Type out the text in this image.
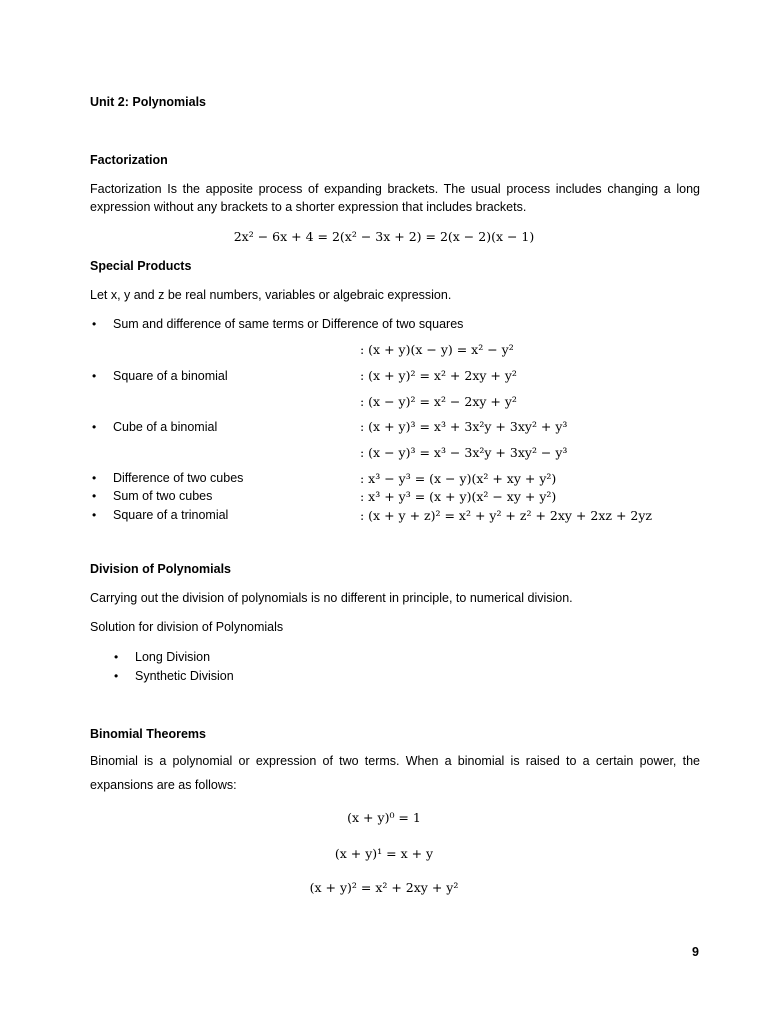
Unit 2: Polynomials
Factorization
Factorization Is the apposite process of expanding brackets. The usual process includes changing a long expression without any brackets to a shorter expression that includes brackets.
2x² − 6x + 4 = 2(x² − 3x + 2) = 2(x − 2)(x − 1)
Special Products
Let x, y and z be real numbers, variables or algebraic expression.
•
Sum and difference of same terms or Difference of two squares
•
Square of a binomial
•
Cube of a binomial
•
Difference of two cubes
•
Sum of two cubes
•
Square of a trinomial
: (x + y)(x − y) = x² − y²
: (x + y)² = x² + 2xy + y²
: (x − y)² = x² − 2xy + y²
: (x + y)³ = x³ + 3x²y + 3xy² + y³
: (x − y)³ = x³ − 3x²y + 3xy² − y³
: x³ − y³ = (x − y)(x² + xy + y²)
: x³ + y³ = (x + y)(x² − xy + y²)
: (x + y + z)² = x² + y² + z² + 2xy + 2xz + 2yz
Division of Polynomials
Carrying out the division of polynomials is no different in principle, to numerical division.
Solution for division of Polynomials
•
Long Division
•
Synthetic Division
Binomial Theorems
Binomial is a polynomial or expression of two terms. When a binomial is raised to a certain power, the expansions are as follows:
(x + y)⁰ = 1
(x + y)¹ = x + y
(x + y)² = x² + 2xy + y²
9
